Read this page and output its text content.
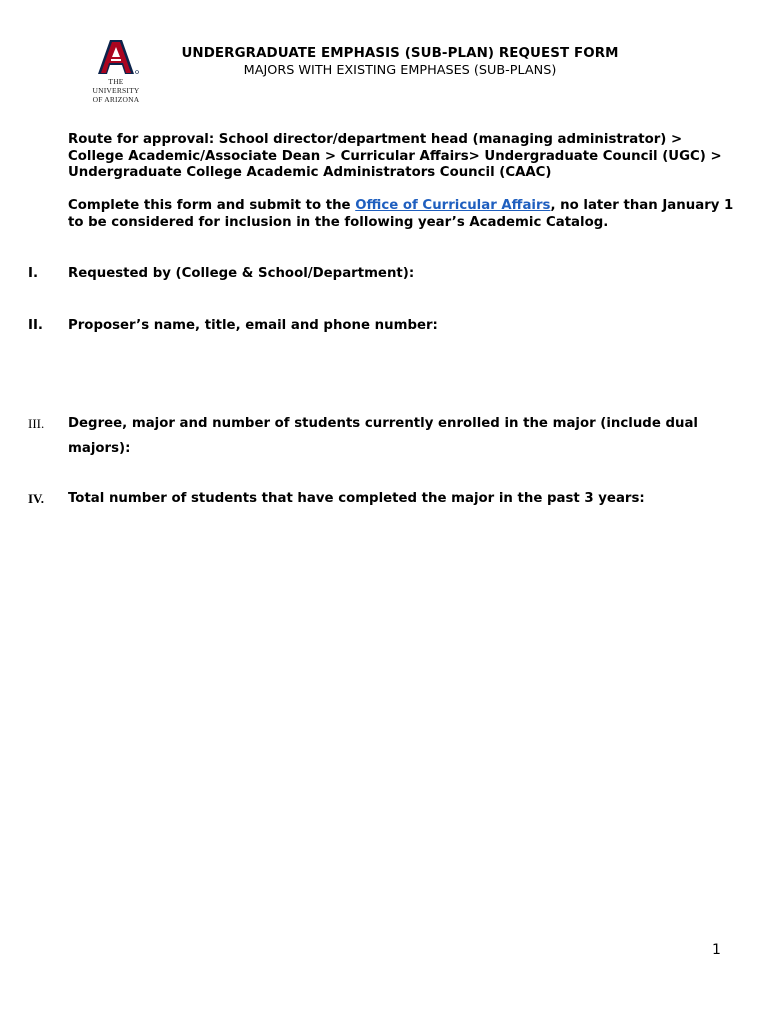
THE UNIVERSITY
OF ARIZONA
UNDERGRADUATE EMPHASIS (SUB-PLAN) REQUEST FORM
MAJORS WITH EXISTING EMPHASES (SUB-PLANS)
Route for approval: School director/department head (managing administrator) > College Academic/Associate Dean > Curricular Affairs> Undergraduate Council (UGC) > Undergraduate College Academic Administrators Council (CAAC)
Complete this form and submit to the Office of Curricular Affairs, no later than January 1 to be considered for inclusion in the following year’s Academic Catalog.
I.	Requested by (College & School/Department):
II.	Proposer’s name, title, email and phone number:
III.	Degree, major and number of students currently enrolled in the major (include dual majors):
IV.	Total number of students that have completed the major in the past 3 years:
1
